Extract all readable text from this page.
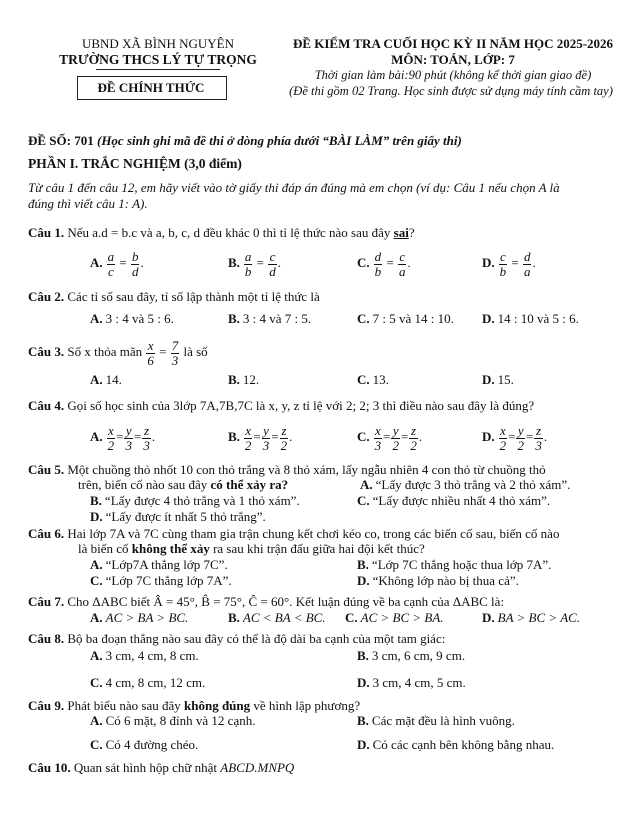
UBND XÃ BÌNH NGUYÊN
TRƯỜNG THCS LÝ TỰ TRỌNG
ĐỀ CHÍNH THỨC
ĐỀ KIỂM TRA CUỐI HỌC KỲ II NĂM HỌC 2025-2026
MÔN: TOÁN, LỚP: 7
Thời gian làm bài:90 phút (không kể thời gian giao đề)
(Đề thi gồm 02 Trang. Học sinh được sử dụng máy tính cầm tay)
ĐỀ SỐ: 701 (Học sinh ghi mã đề thi ở dòng phía dưới “BÀI LÀM” trên giấy thi)
PHẦN I. TRẮC NGHIỆM (3,0 điểm)
Từ câu 1 đến câu 12, em hãy viết vào tờ giấy thi đáp án đúng mà em chọn (ví dụ: Câu 1 nếu chọn A là
đúng thì viết câu 1: A).
Câu 1. Nếu a.d = b.c và a, b, c, d đều khác 0 thì tỉ lệ thức nào sau đây sai?
A. $\frac{a}{c} = \frac{b}{d}$ .	B. $\frac{a}{b} = \frac{c}{d}$ .	C. $\frac{d}{b} = \frac{c}{a}$ .	D. $\frac{c}{b} = \frac{d}{a}$ .
Câu 2. Các tỉ số sau đây, tỉ số lập thành một tỉ lệ thức là
A. 3 : 4 và 5 : 6.	B. 3 : 4 và 7 : 5.	C. 7 : 5 và 14 : 10. D. 14 : 10 và 5 : 6.
Câu 3. Số x thỏa mãn $\frac{x}{6} = \frac{7}{3}$ là số
A. 14.	B. 12.	C. 13.	D. 15.
Câu 4. Gọi số học sinh của 3lớp 7A,7B,7C là x, y, z tỉ lệ với 2; 2; 3 thì điều nào sau đây là đúng?
A. $\frac{x}{2} = \frac{y}{3} = \frac{z}{3}$ .	B. $\frac{x}{2} = \frac{y}{3} = \frac{z}{2}$ .	C. $\frac{x}{3} = \frac{y}{2} = \frac{z}{2}$ .	D. $\frac{x}{2} = \frac{y}{2} = \frac{z}{3}$ .
Câu 5. Một chuồng thỏ nhốt 10 con thỏ trắng và 8 thỏ xám, lấy ngẫu nhiên 4 con thỏ từ chuồng thỏ
trên, biến cố nào sau đây có thể xảy ra?	A. “Lấy được 3 thỏ trắng và 2 thỏ xám”.
B. “Lấy được 4 thỏ trắng và 1 thỏ xám”.	C. “Lấy được nhiều nhất 4 thỏ xám”.
D. “Lấy được ít nhất 5 thỏ trắng”.
Câu 6. Hai lớp 7A và 7C cùng tham gia trận chung kết chơi kéo co, trong các biến cố sau, biến cố nào
là biến cố không thể xảy ra sau khi trận đấu giữa hai đội kết thúc?
A. “Lớp7A thắng lớp 7C”.	B. “Lớp 7C thắng hoặc thua lớp 7A”.
C. “Lớp 7C thắng lớp 7A”.	D. “Không lớp nào bị thua cả”.
Câu 7. Cho ΔABC biết Â = 45°, B̂ = 75°, Ĉ = 60°. Kết luận đúng về ba cạnh của ΔABC là:
A. AC > BA > BC.	B. AC < BA < BC. C. AC > BC > BA.	D. BA > BC > AC.
Câu 8. Bộ ba đoạn thẳng nào sau đây có thể là độ dài ba cạnh của một tam giác:
A. 3 cm, 4 cm, 8 cm.	B. 3 cm, 6 cm, 9 cm.
C. 4 cm, 8 cm, 12 cm.	D. 3 cm, 4 cm, 5 cm.
Câu 9. Phát biểu nào sau đây không đúng về hình lập phương?
A. Có 6 mặt, 8 đỉnh và 12 cạnh.	B. Các mặt đều là hình vuông.
C. Có 4 đường chéo.	D. Có các cạnh bên không bằng nhau.
Câu 10. Quan sát hình hộp chữ nhật ABCD.MNPQ
